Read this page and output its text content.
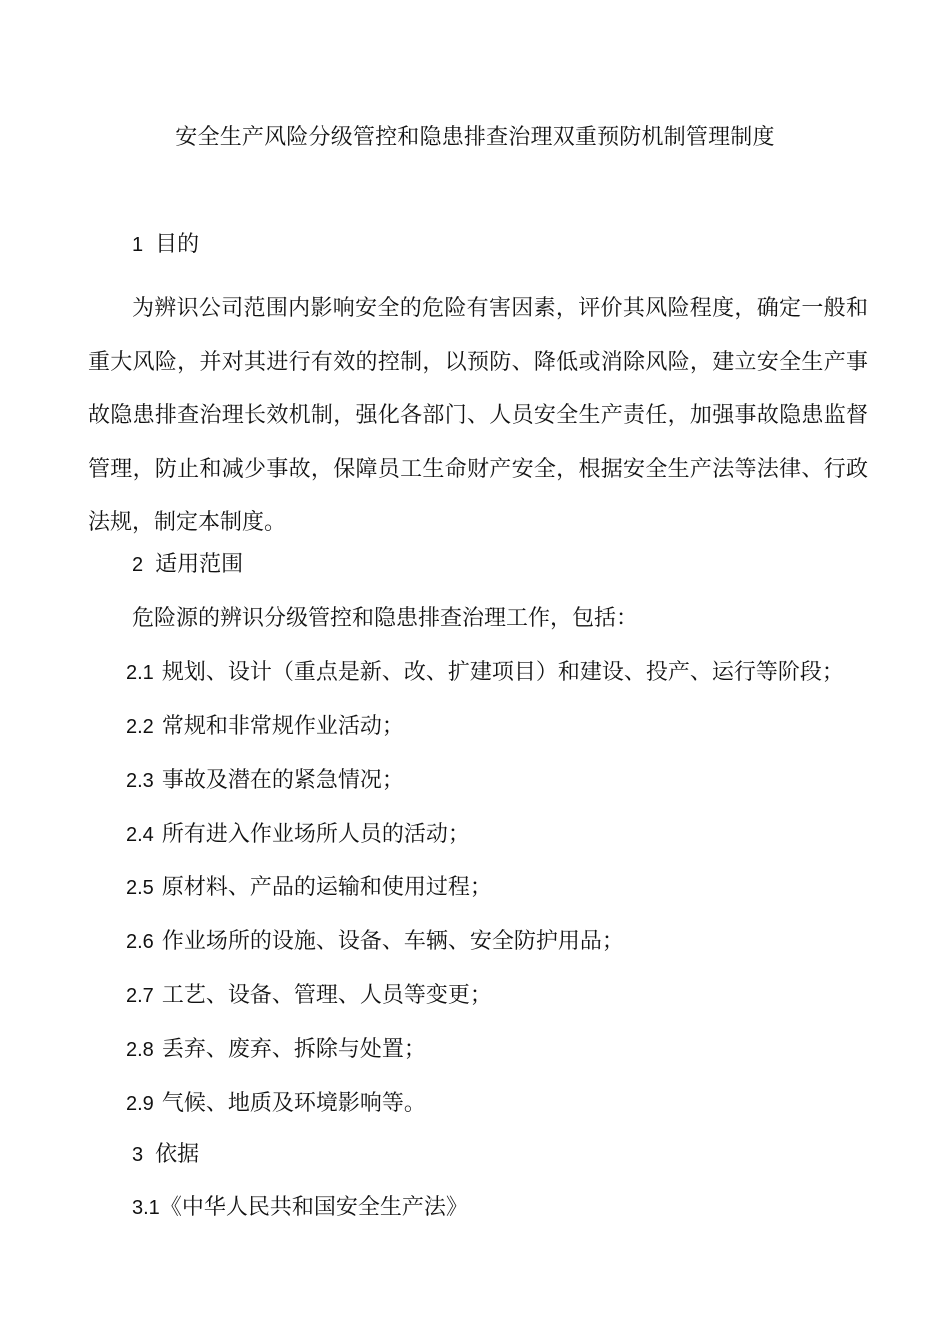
安全生产风险分级管控和隐患排查治理双重预防机制管理制度
1 目的
为辨识公司范围内影响安全的危险有害因素，评价其风险程度，确定一般和重大风险，并对其进行有效的控制，以预防、降低或消除风险，建立安全生产事故隐患排查治理长效机制，强化各部门、人员安全生产责任，加强事故隐患监督管理，防止和减少事故，保障员工生命财产安全，根据安全生产法等法律、行政法规，制定本制度。
2 适用范围
危险源的辨识分级管控和隐患排查治理工作，包括：
2.1 规划、设计（重点是新、改、扩建项目）和建设、投产、运行等阶段；
2.2 常规和非常规作业活动；
2.3 事故及潜在的紧急情况；
2.4 所有进入作业场所人员的活动；
2.5 原材料、产品的运输和使用过程；
2.6 作业场所的设施、设备、车辆、安全防护用品；
2.7 工艺、设备、管理、人员等变更；
2.8 丢弃、废弃、拆除与处置；
2.9 气候、地质及环境影响等。
3 依据
3.1《中华人民共和国安全生产法》
